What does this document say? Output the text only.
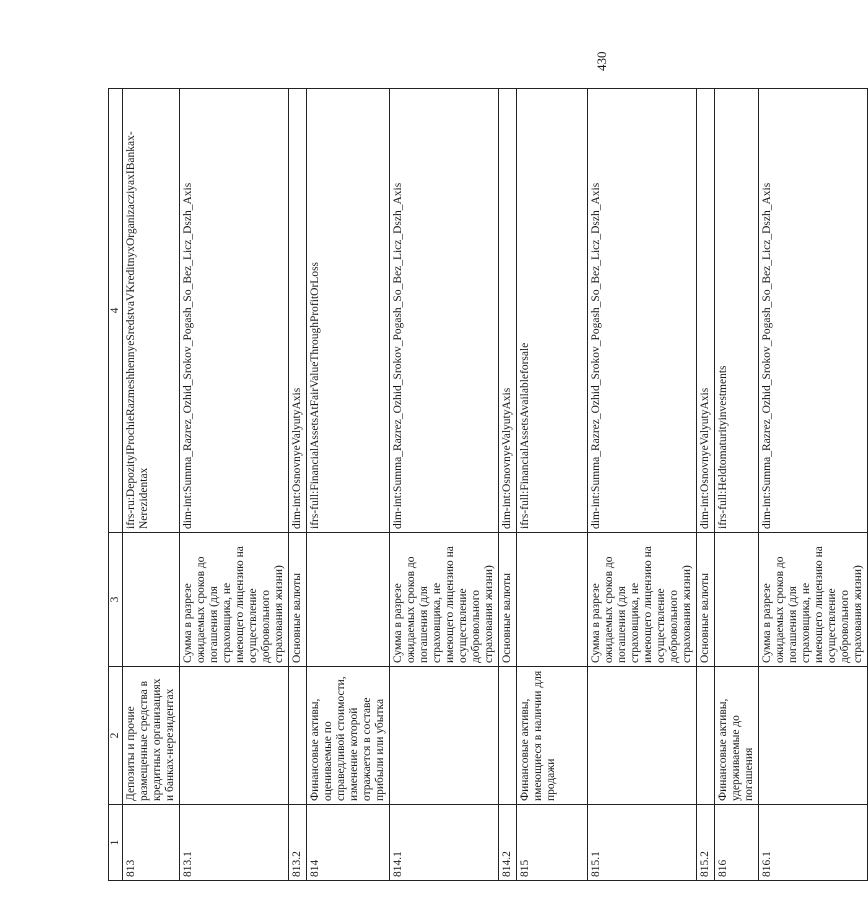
1	2	3	4
813	Депозиты и прочие размещенные средства в кредитных организациях и банках-нерезидентах		ifrs-ru:DepozityIProchieRazmeshhennyeSredstvaVKreditnyxOrganizacziyaxIBankax-Nerezidentax
813.1		Сумма в разрезе ожидаемых сроков до погашения (для страховщика, не имеющего лицензию на осуществление добровольного страхования жизни)	dim-int:Summa_Razrez_Ozhid_Srokov_Pogash_So_Bez_Licz_Dszh_Axis
813.2		Основные валюты	dim-int:OsnovnyeValyutyAxis
814	Финансовые активы, оцениваемые по справедливой стоимости, изменение которой отражается в составе прибыли или убытка		ifrs-full:FinancialAssetsAtFairValueThroughProfitOrLoss
814.1		Сумма в разрезе ожидаемых сроков до погашения (для страховщика, не имеющего лицензию на осуществление добровольного страхования жизни)	dim-int:Summa_Razrez_Ozhid_Srokov_Pogash_So_Bez_Licz_Dszh_Axis
814.2		Основные валюты	dim-int:OsnovnyeValyutyAxis
815	Финансовые активы, имеющиеся в наличии для продажи		ifrs-full:FinancialAssetsAvailableforsale
815.1		Сумма в разрезе ожидаемых сроков до погашения (для страховщика, не имеющего лицензию на осуществление добровольного страхования жизни)	dim-int:Summa_Razrez_Ozhid_Srokov_Pogash_So_Bez_Licz_Dszh_Axis
815.2		Основные валюты	dim-int:OsnovnyeValyutyAxis
816	Финансовые активы, удерживаемые до погашения		ifrs-full:Heldtomaturityinvestments
816.1		Сумма в разрезе ожидаемых сроков до погашения (для страховщика, не имеющего лицензию на осуществление добровольного страхования жизни)	dim-int:Summa_Razrez_Ozhid_Srokov_Pogash_So_Bez_Licz_Dszh_Axis
430
